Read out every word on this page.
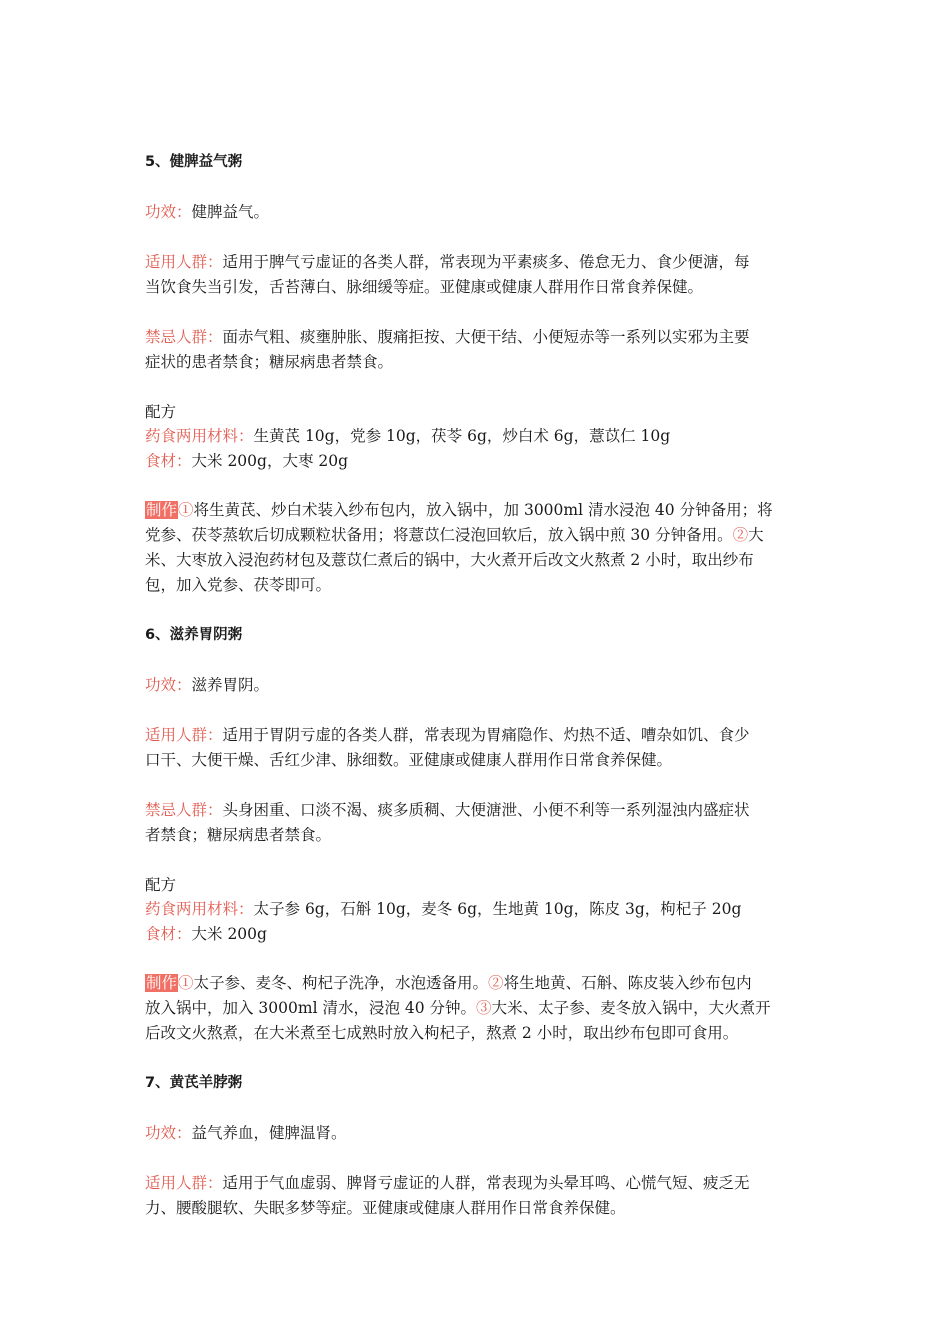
5、健脾益气粥
功效：健脾益气。
适用人群：适用于脾气亏虚证的各类人群，常表现为平素痰多、倦怠无力、食少便溏，每
当饮食失当引发，舌苔薄白、脉细缓等症。亚健康或健康人群用作日常食养保健。
禁忌人群：面赤气粗、痰壅肿胀、腹痛拒按、大便干结、小便短赤等一系列以实邪为主要
症状的患者禁食；糖尿病患者禁食。
配方
药食两用材料：生黄芪 10g，党参 10g，茯苓 6g，炒白术 6g，薏苡仁 10g
食材：大米 200g，大枣 20g
制作①将生黄芪、炒白术装入纱布包内，放入锅中，加 3000ml 清水浸泡 40 分钟备用；将
党参、茯苓蒸软后切成颗粒状备用；将薏苡仁浸泡回软后，放入锅中煎 30 分钟备用。②大
米、大枣放入浸泡药材包及薏苡仁煮后的锅中，大火煮开后改文火熬煮 2 小时，取出纱布
包，加入党参、茯苓即可。
6、滋养胃阴粥
功效：滋养胃阴。
适用人群：适用于胃阴亏虚的各类人群，常表现为胃痛隐作、灼热不适、嘈杂如饥、食少
口干、大便干燥、舌红少津、脉细数。亚健康或健康人群用作日常食养保健。
禁忌人群：头身困重、口淡不渴、痰多质稠、大便溏泄、小便不利等一系列湿浊内盛症状
者禁食；糖尿病患者禁食。
配方
药食两用材料：太子参 6g，石斛 10g，麦冬 6g，生地黄 10g，陈皮 3g，枸杞子 20g
食材：大米 200g
制作①太子参、麦冬、枸杞子洗净，水泡透备用。②将生地黄、石斛、陈皮装入纱布包内
放入锅中，加入 3000ml 清水，浸泡 40 分钟。③大米、太子参、麦冬放入锅中，大火煮开
后改文火熬煮，在大米煮至七成熟时放入枸杞子，熬煮 2 小时，取出纱布包即可食用。
7、黄芪羊脖粥
功效：益气养血，健脾温肾。
适用人群：适用于气血虚弱、脾肾亏虚证的人群，常表现为头晕耳鸣、心慌气短、疲乏无
力、腰酸腿软、失眠多梦等症。亚健康或健康人群用作日常食养保健。
